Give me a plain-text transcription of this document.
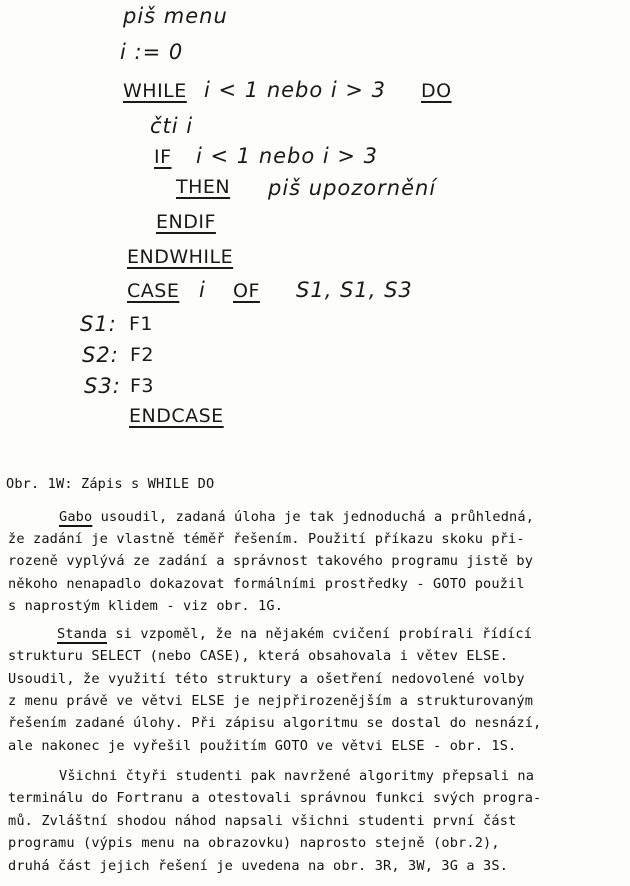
piš menu
i := 0
WHILE i < 1 nebo i > 3 DO
čti i
IF i < 1 nebo i > 3
THEN piš upozornění
ENDIF
ENDWHILE
CASE i OF S1, S1, S3
S1: F1
S2: F2
S3: F3
ENDCASE
Obr. 1W: Zápis s WHILE DO
Gabo usoudil, zadaná úloha je tak jednoduchá a průhledná,
že zadání je vlastně téměř řešením. Použití příkazu skoku při-
rozeně vyplývá ze zadání a správnost takového programu jistě by
někoho nenapadlo dokazovat formálními prostředky - GOTO použil
s naprostým klidem - viz obr. 1G.
Standa si vzpoměl, že na nějakém cvičení probírali řídící
strukturu SELECT (nebo CASE), která obsahovala i větev ELSE.
Usoudil, že využití této struktury a ošetření nedovolené volby
z menu právě ve větvi ELSE je nejpřirozenějším a strukturovaným
řešením zadané úlohy. Při zápisu algoritmu se dostal do nesnází,
ale nakonec je vyřešil použitím GOTO ve větvi ELSE - obr. 1S.
Všichni čtyři studenti pak navržené algoritmy přepsali na
terminálu do Fortranu a otestovali správnou funkci svých progra-
mů. Zvláštní shodou náhod napsali všichni studenti první část
programu (výpis menu na obrazovku) naprosto stejně (obr.2),
druhá část jejich řešení je uvedena na obr. 3R, 3W, 3G a 3S.
